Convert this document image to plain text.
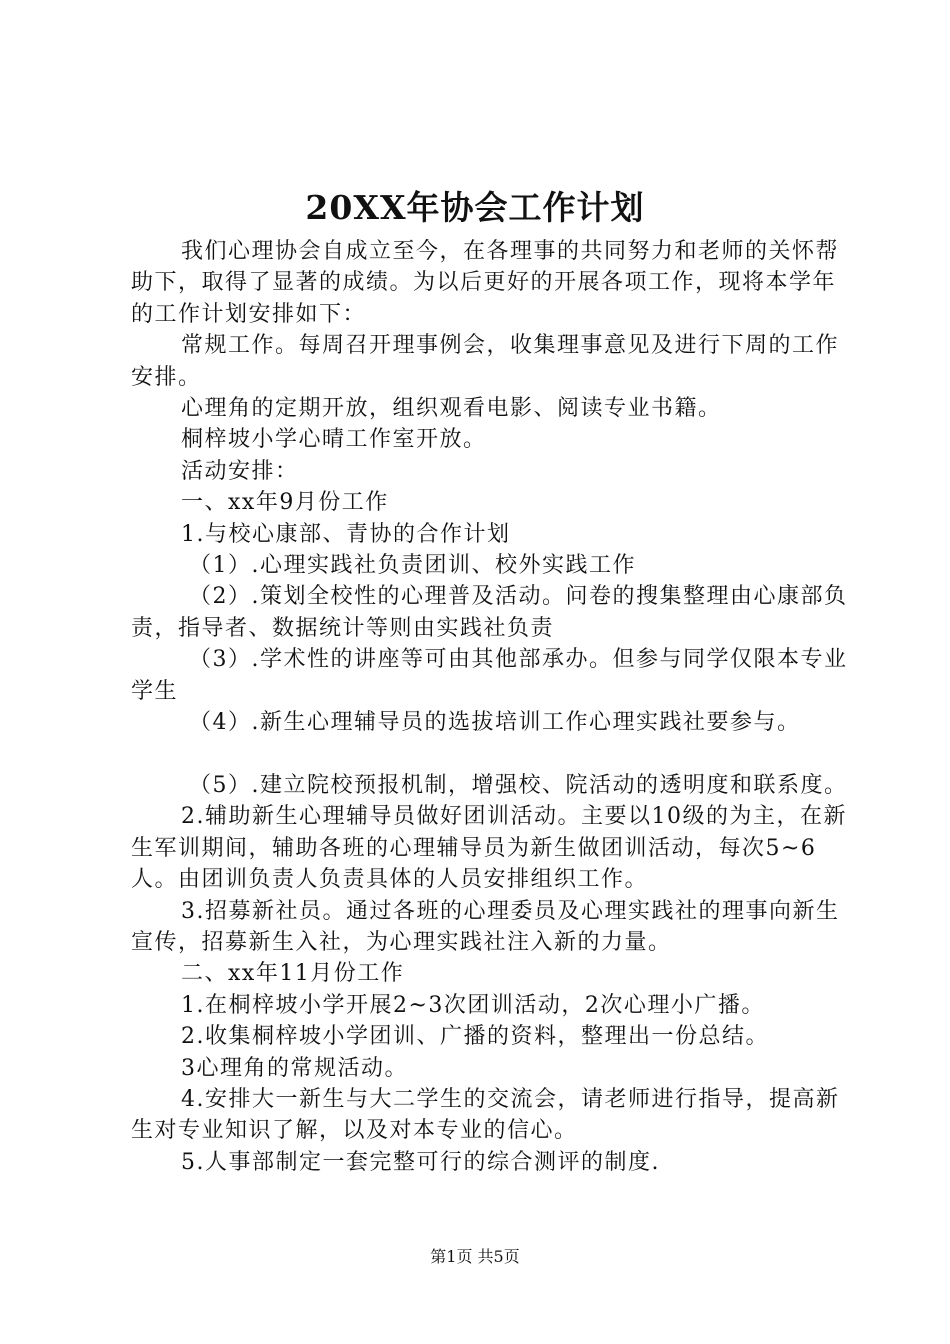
20XX年协会工作计划

我们心理协会自成立至今，在各理事的共同努力和老师的关怀帮助下，取得了显著的成绩。为以后更好的开展各项工作，现将本学年的工作计划安排如下：

常规工作。每周召开理事例会，收集理事意见及进行下周的工作安排。

心理角的定期开放，组织观看电影、阅读专业书籍。

桐梓坡小学心晴工作室开放。

活动安排：

一、xx年9月份工作

1.与校心康部、青协的合作计划

（1）.心理实践社负责团训、校外实践工作

（2）.策划全校性的心理普及活动。问卷的搜集整理由心康部负责，指导者、数据统计等则由实践社负责

（3）.学术性的讲座等可由其他部承办。但参与同学仅限本专业学生

（4）.新生心理辅导员的选拔培训工作心理实践社要参与。

（5）.建立院校预报机制，增强校、院活动的透明度和联系度。

2.辅助新生心理辅导员做好团训活动。主要以10级的为主，在新生军训期间，辅助各班的心理辅导员为新生做团训活动，每次5~6人。由团训负责人负责具体的人员安排组织工作。

3.招募新社员。通过各班的心理委员及心理实践社的理事向新生宣传，招募新生入社，为心理实践社注入新的力量。

二、xx年11月份工作

1.在桐梓坡小学开展2~3次团训活动，2次心理小广播。

2.收集桐梓坡小学团训、广播的资料，整理出一份总结。

3心理角的常规活动。

4.安排大一新生与大二学生的交流会，请老师进行指导，提高新生对专业知识了解，以及对本专业的信心。

5.人事部制定一套完整可行的综合测评的制度.

第1页 共5页
